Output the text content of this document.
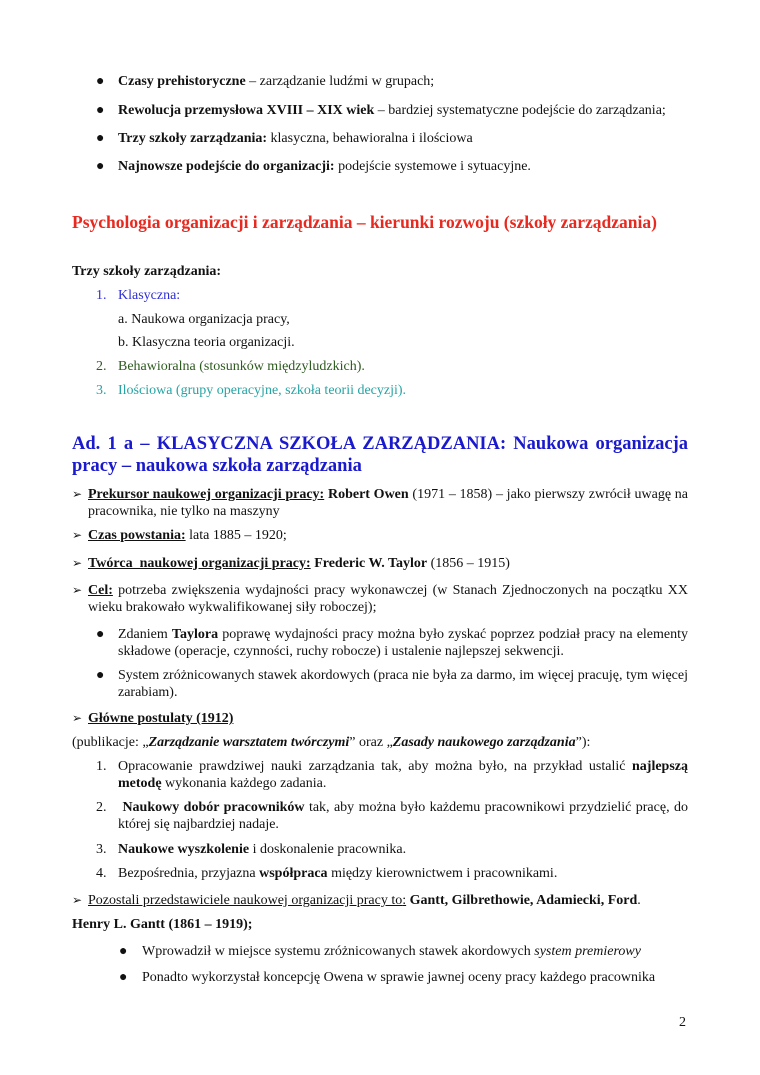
● Czasy prehistoryczne – zarządzanie ludźmi w grupach;
● Rewolucja przemysłowa XVIII – XIX wiek – bardziej systematyczne podejście do zarządzania;
● Trzy szkoły zarządzania: klasyczna, behawioralna i ilościowa
● Najnowsze podejście do organizacji: podejście systemowe i sytuacyjne.
Psychologia organizacji i zarządzania – kierunki rozwoju (szkoły zarządzania)
Trzy szkoły zarządzania:
1. Klasyczna:
a. Naukowa organizacja pracy,
b. Klasyczna teoria organizacji.
2. Behawioralna (stosunków międzyludzkich).
3. Ilościowa (grupy operacyjne, szkoła teorii decyzji).
Ad. 1 a – KLASYCZNA SZKOŁA ZARZĄDZANIA: Naukowa organizacja pracy – naukowa szkoła zarządzania
➢ Prekursor naukowej organizacji pracy: Robert Owen (1971 – 1858) – jako pierwszy zwrócił uwagę na pracownika, nie tylko na maszyny
➢ Czas powstania: lata 1885 – 1920;
➢ Twórca  naukowej organizacji pracy: Frederic W. Taylor (1856 – 1915)
➢ Cel: potrzeba zwiększenia wydajności pracy wykonawczej (w Stanach Zjednoczonych na początku XX wieku brakowało wykwalifikowanej siły roboczej);
● Zdaniem Taylora poprawę wydajności pracy można było zyskać poprzez podział pracy na elementy składowe (operacje, czynności, ruchy robocze) i ustalenie najlepszej sekwencji.
● System zróżnicowanych stawek akordowych (praca nie była za darmo, im więcej pracuję, tym więcej zarabiam).
➢ Główne postulaty (1912)
(publikacje: „Zarządzanie warsztatem twórczymi” oraz „Zasady naukowego zarządzania”):
1. Opracowanie prawdziwej nauki zarządzania tak, aby można było, na przykład ustalić najlepszą metodę wykonania każdego zadania.
2.	Naukowy dobór pracowników tak, aby można było każdemu pracownikowi przydzielić pracę, do której się najbardziej nadaje.
3. Naukowe wyszkolenie i doskonalenie pracownika.
4. Bezpośrednia, przyjazna współpraca między kierownictwem i pracownikami.
➢ Pozostali przedstawiciele naukowej organizacji pracy to: Gantt, Gilbrethowie, Adamiecki, Ford.
Henry L. Gantt (1861 – 1919);
● Wprowadził w miejsce systemu zróżnicowanych stawek akordowych system premierowy
● Ponadto wykorzystał koncepcję Owena w sprawie jawnej oceny pracy każdego pracownika
2
